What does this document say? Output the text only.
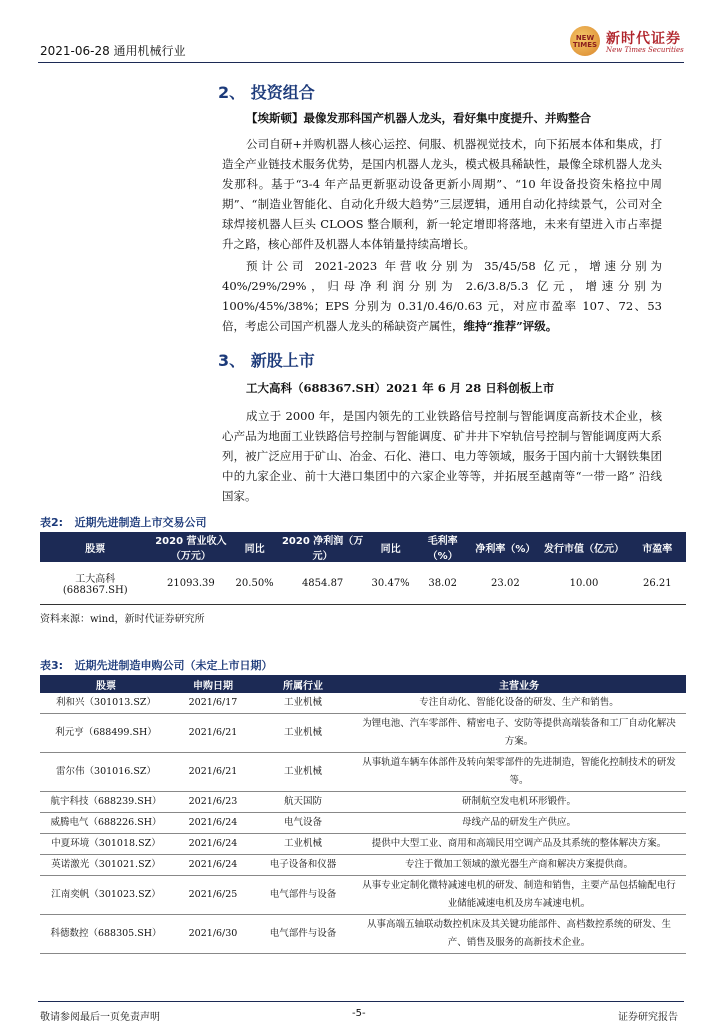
2021-06-28 通用机械行业
NEW TIMES 新时代证券
New Times Securities
2、 投资组合
【埃斯顿】最像发那科国产机器人龙头，看好集中度提升、并购整合
公司自研+并购机器人核心运控、伺服、机器视觉技术，向下拓展本体和集成，打造全产业链技术服务优势，是国内机器人龙头，模式极具稀缺性，最像全球机器人龙头发那科。基于“3-4 年产品更新驱动设备更新小周期”、“10 年设备投资朱格拉中周期”、“制造业智能化、自动化升级大趋势”三层逻辑，通用自动化持续景气，公司对全球焊接机器人巨头 CLOOS 整合顺利，新一轮定增即将落地，未来有望进入市占率提升之路，核心部件及机器人本体销量持续高增长。
预计公司 2021-2023 年营收分别为 35/45/58 亿元，增速分别为 40%/29%/29%，归母净利润分别为 2.6/3.8/5.3 亿元，增速分别为 100%/45%/38%；EPS 分别为 0.31/0.46/0.63 元，对应市盈率 107、72、53 倍，考虑公司国产机器人龙头的稀缺资产属性，维持“推荐”评级。
3、 新股上市
工大高科（688367.SH）2021 年 6 月 28 日科创板上市
成立于 2000 年，是国内领先的工业铁路信号控制与智能调度高新技术企业，核心产品为地面工业铁路信号控制与智能调度、矿井井下窄轨信号控制与智能调度两大系列，被广泛应用于矿山、冶金、石化、港口、电力等领域，服务于国内前十大钢铁集团中的九家企业、前十大港口集团中的六家企业等等，并拓展至越南等“一带一路” 沿线国家。
表2: 近期先进制造上市交易公司
股票	2020 营业收入（万元）	同比	2020 净利润（万元）	同比	毛利率（%）	净利率（%）	发行市值（亿元）	市盈率
工大高科
(688367.SH)	21093.39	20.50%	4854.87	30.47%	38.02	23.02	10.00	26.21
资料来源：wind，新时代证券研究所
表3: 近期先进制造申购公司（未定上市日期）
股票	申购日期	所属行业	主营业务
利和兴（301013.SZ）	2021/6/17	工业机械	专注自动化、智能化设备的研发、生产和销售。
利元亨（688499.SH）	2021/6/21	工业机械	为锂电池、汽车零部件、精密电子、安防等提供高端装备和工厂自动化解决方案。
雷尔伟（301016.SZ）	2021/6/21	工业机械	从事轨道车辆车体部件及转向架零部件的先进制造，智能化控制技术的研发等。
航宇科技（688239.SH）	2021/6/23	航天国防	研制航空发电机环形锻件。
威腾电气（688226.SH）	2021/6/24	电气设备	母线产品的研发生产供应。
中夏环境（301018.SZ）	2021/6/24	工业机械	提供中大型工业、商用和高端民用空调产品及其系统的整体解决方案。
英诺激光（301021.SZ）	2021/6/24	电子设备和仪器	专注于微加工领域的激光器生产商和解决方案提供商。
江南奕帆（301023.SZ）	2021/6/25	电气部件与设备	从事专业定制化微特减速电机的研发、制造和销售，主要产品包括输配电行业储能减速电机及房车减速电机。
科德数控（688305.SH）	2021/6/30	电气部件与设备	从事高端五轴联动数控机床及其关键功能部件、高档数控系统的研发、生产、销售及服务的高新技术企业。
敬请参阅最后一页免责声明	-5-	证券研究报告
